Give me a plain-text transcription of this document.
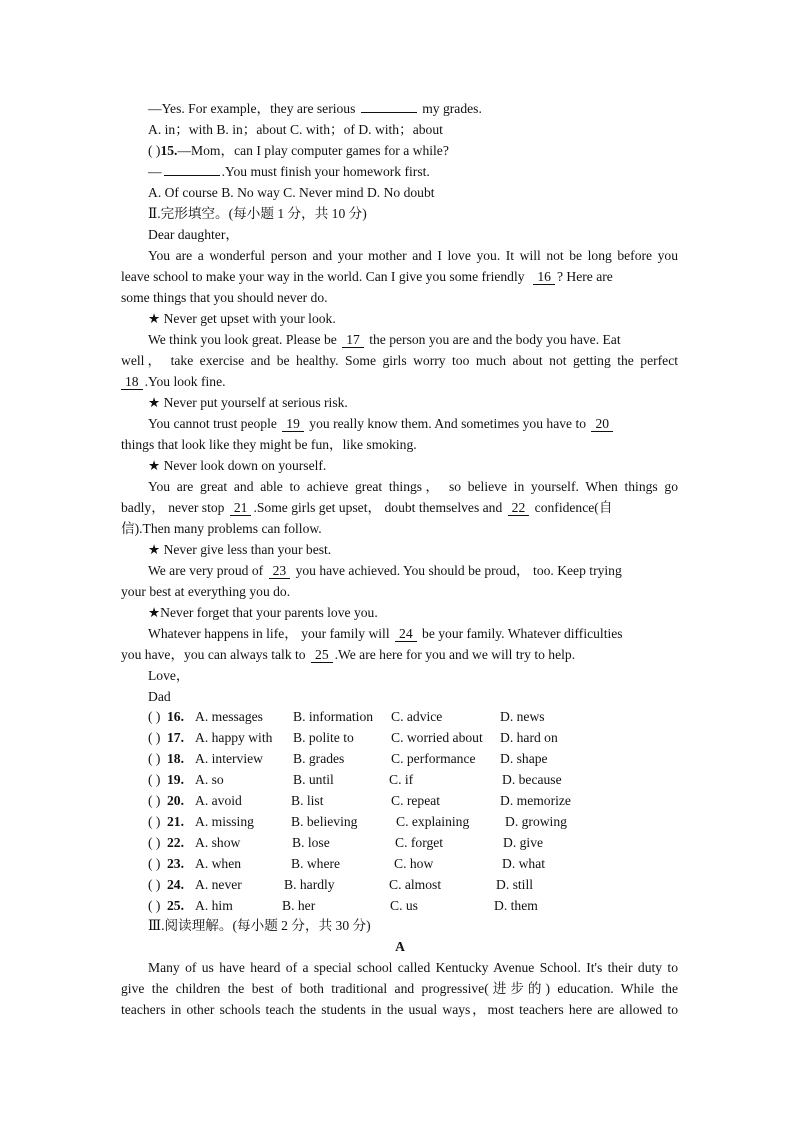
—Yes. For example，they are serious	my grades.
A. in；with B. in；about C. with；of D. with；about
( )15.—Mom，can I play computer games for a while?
—	.You must finish your homework first.
A. Of course B. No way C. Never mind D. No doubt
Ⅱ.完形填空。(每小题 1 分，共 10 分)
Dear daughter，
You are a wonderful person and your mother and I love you. It will not be long before you
leave school to make your way in the world. Can I give you some friendly 16 ? Here are
some things that you should never do.
★ Never get upset with your look.
We think you look great. Please be 17 the person you are and the body you have. Eat
well， take exercise and be healthy. Some girls worry too much about not getting the perfect
18 .You look fine.
★ Never put yourself at serious risk.
You cannot trust people 19 you really know them. And sometimes you have to 20
things that look like they might be fun，like smoking.
★ Never look down on yourself.
You are great and able to achieve great things， so believe in yourself. When things go
badly， never stop 21 .Some girls get upset， doubt themselves and 22 confidence(自
信).Then many problems can follow.
★ Never give less than your best.
We are very proud of 23 you have achieved. You should be proud， too. Keep trying
your best at everything you do.
★Never forget that your parents love you.
Whatever happens in life， your family will 24 be your family. Whatever difficulties
you have，you can always talk to 25 .We are here for you and we will try to help.
Love，
Dad
( ) 16. A. messages B. information C. advice	D. news
( ) 17. A. happy with B. polite to	C. worried about D. hard on
( ) 18. A. interview B. grades	C. performance D. shape
( ) 19. A. so	B. until	C. if	D. because
( ) 20. A. avoid	B. list	C. repeat	D. memorize
( ) 21. A. missing	B. believing	C. explaining	D. growing
( ) 22. A. show	B. lose	C. forget	D. give
( ) 23. A. when	B. where	C. how	D. what
( ) 24. A. never	B. hardly	C. almost	D. still
( ) 25. A. him	B. her	C. us	D. them
Ⅲ.阅读理解。(每小题 2 分，共 30 分)
A
Many of us have heard of a special school called Kentucky Avenue School. It's their duty to
give the children the best of both traditional and progressive(进步的) education. While the
teachers in other schools teach the students in the usual ways，most teachers here are allowed to
